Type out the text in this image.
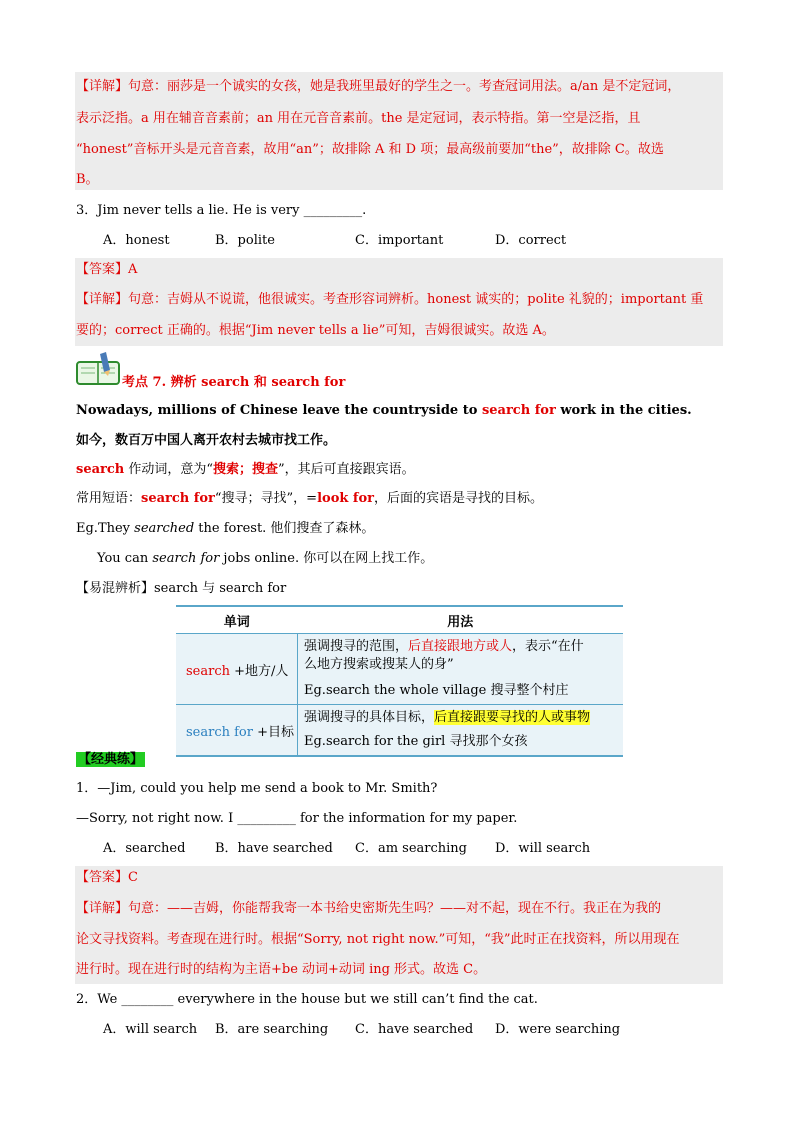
【详解】句意：丽莎是一个诚实的女孩，她是我班里最好的学生之一。考查冠词用法。a/an 是不定冠词，
表示泛指。a 用在辅音音素前；an 用在元音音素前。the 是定冠词，表示特指。第一空是泛指，且
“honest”音标开头是元音音素，故用“an”；故排除 A 和 D 项；最高级前要加“the”，故排除 C。故选
B。
3．Jim never tells a lie. He is very _________.
A．honest	B．polite	C．important	D．correct
【答案】A
【详解】句意：吉姆从不说谎，他很诚实。考查形容词辨析。honest 诚实的；polite 礼貌的；important 重
要的；correct 正确的。根据“Jim never tells a lie”可知，吉姆很诚实。故选 A。
考点 7. 辨析 search 和 search for
Nowadays, millions of Chinese leave the countryside to search for work in the cities.
如今，数百万中国人离开农村去城市找工作。
search 作动词，意为“搜索；搜查”，其后可直接跟宾语。
常用短语：search for“搜寻；寻找”，=look for，后面的宾语是寻找的目标。
Eg.They searched the forest. 他们搜查了森林。
You can search for jobs online. 你可以在网上找工作。
【易混辨析】search 与 search for
单词	用法
search +地方/人	强调搜寻的范围，后直接跟地方或人，表示“在什
么地方搜索或搜某人的身”
Eg.search the whole village 搜寻整个村庄

search for +目标	强调搜寻的具体目标，后直接跟要寻找的人或事物
Eg.search for the girl 寻找那个女孩
【经典练】
1．—Jim, could you help me send a book to Mr. Smith?
—Sorry, not right now. I _________ for the information for my paper.
A．searched B．have searched C．am searching D．will search
【答案】C
【详解】句意：——吉姆，你能帮我寄一本书给史密斯先生吗？——对不起，现在不行。我正在为我的
论文寻找资料。考查现在进行时。根据“Sorry, not right now.”可知，“我”此时正在找资料，所以用现在
进行时。现在进行时的结构为主语+be 动词+动词 ing 形式。故选 C。
2．We ________ everywhere in the house but we still can’t find the cat.
A．will search B．are searching C．have searched D．were searching
